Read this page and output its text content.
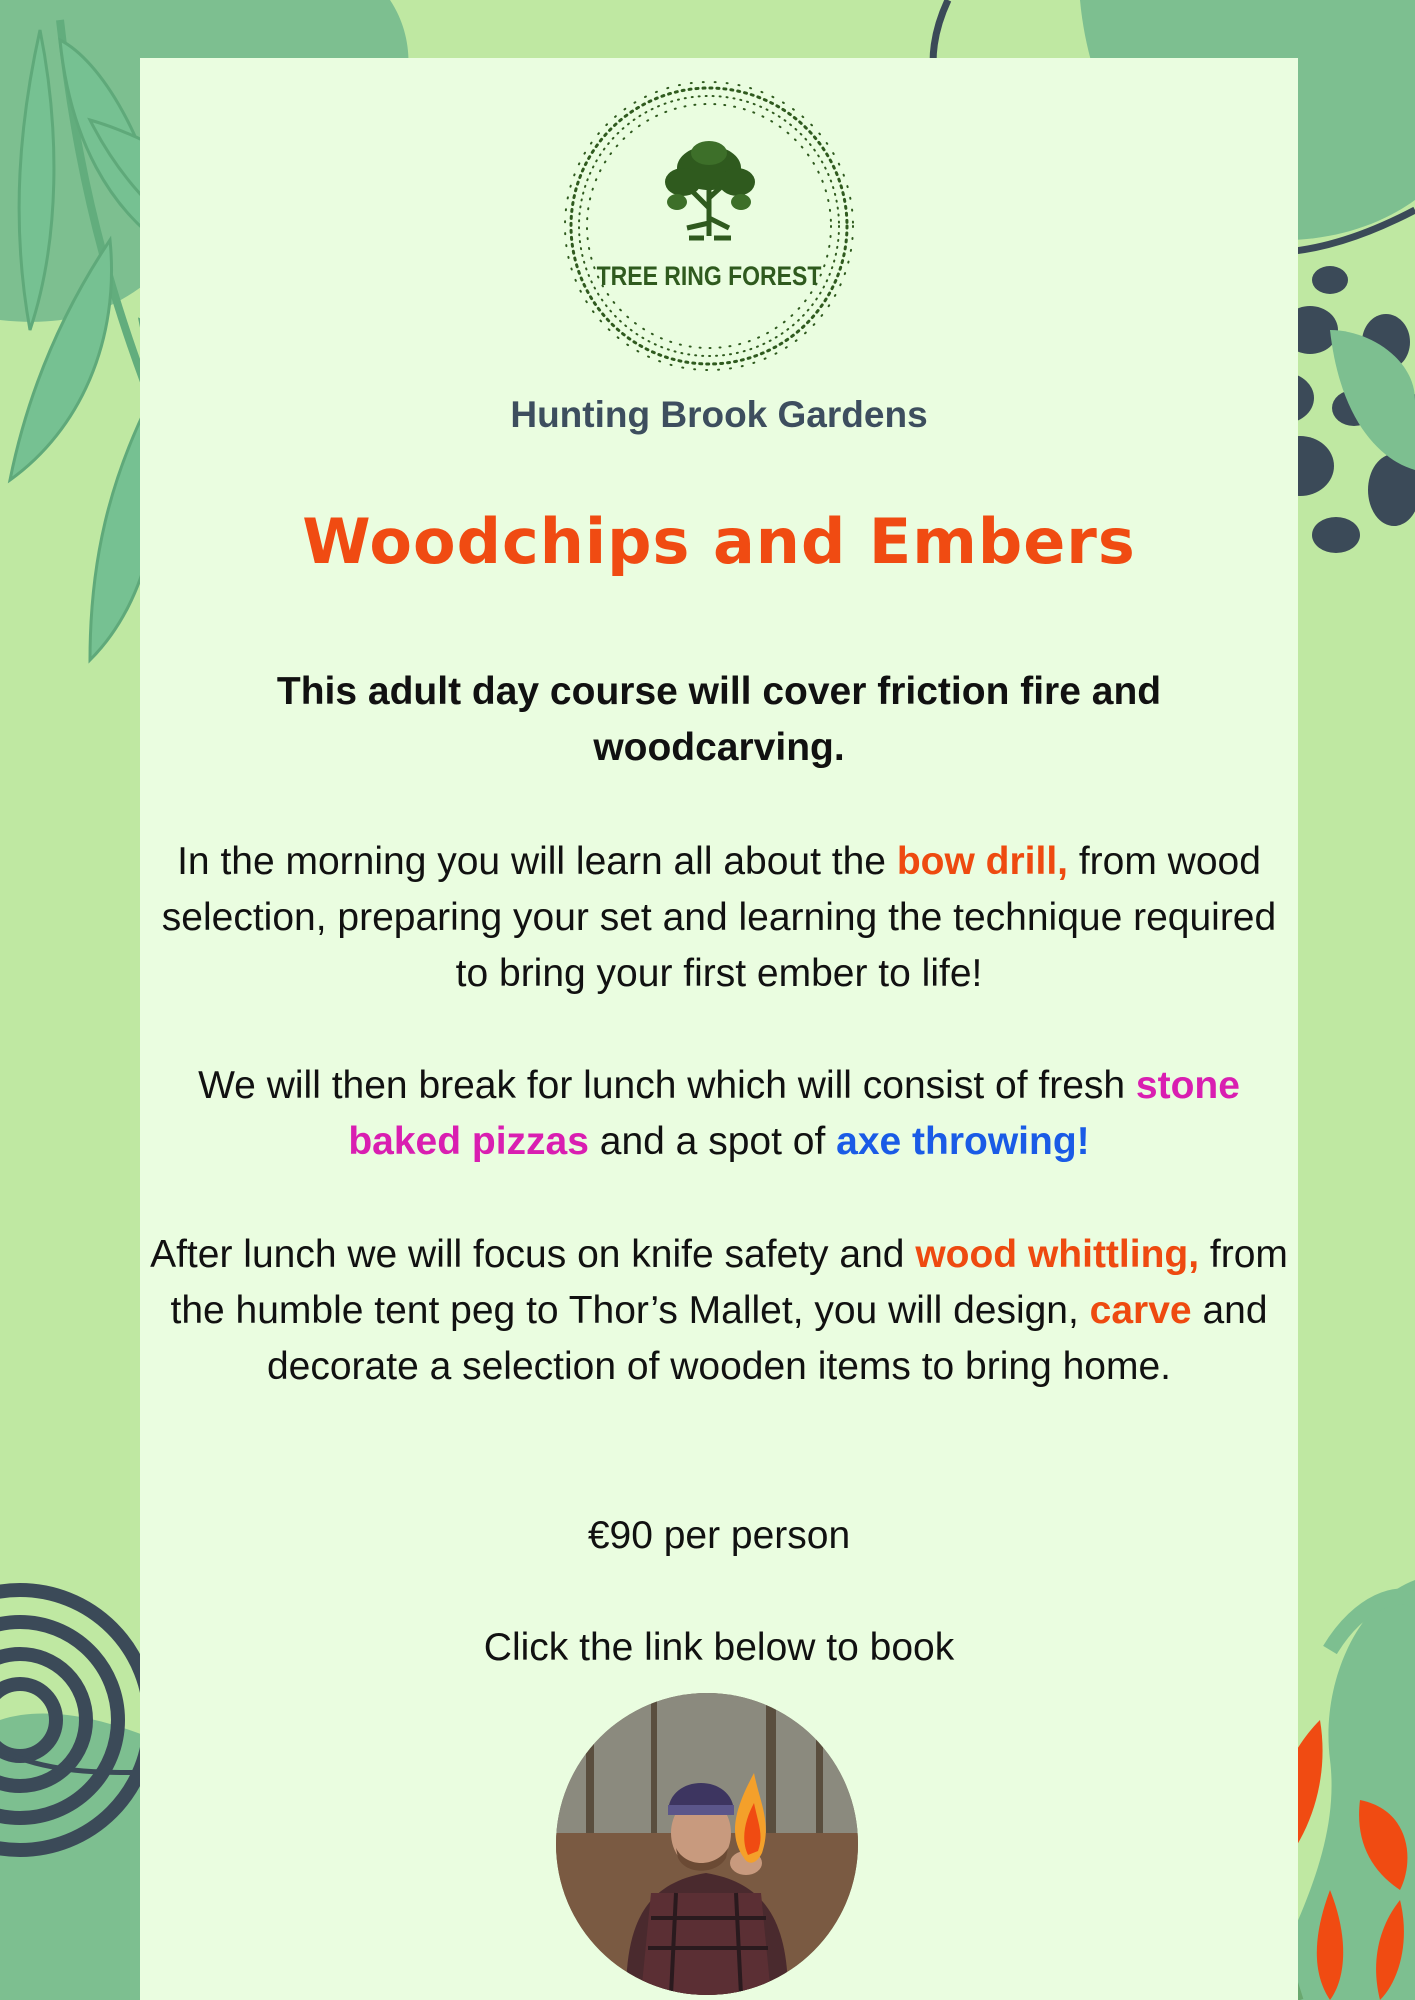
TREE RING FOREST
Hunting Brook Gardens
Woodchips and Embers
This adult day course will cover friction fire and woodcarving.
In the morning you will learn all about the bow drill, from wood selection, preparing your set and learning the technique required to bring your first ember to life!
We will then break for lunch which will consist of fresh stone baked pizzas and a spot of axe throwing!
After lunch we will focus on knife safety and wood whittling, from the humble tent peg to Thor’s Mallet, you will design, carve and decorate a selection of wooden items to bring home.
€90 per person
Click the link below to book
